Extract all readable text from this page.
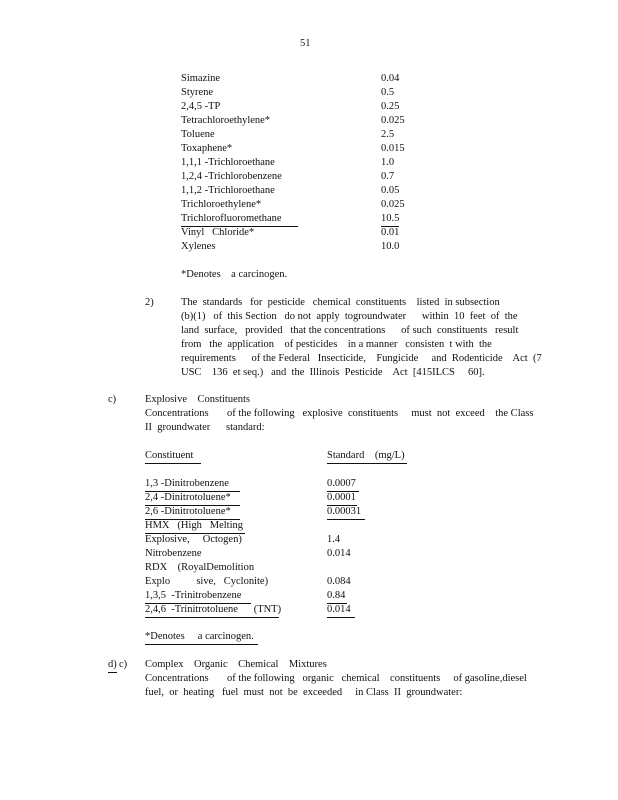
51
Simazine	0.04
Styrene	0.5
2,4,5 -TP	0.25
Tetrachloroethylene*	0.025
Toluene	2.5
Toxaphene*	0.015
1,1,1 -Trichloroethane	1.0
1,2,4 -Trichlorobenzene	0.7
1,1,2 -Trichloroethane	0.05
Trichloroethylene*	0.025
Trichlorofluoromethane	10.5
Vinyl   Chloride*	0.01
Xylenes	10.0
*Denotes    a carcinogen.
2)	The  standards   for  pesticide   chemical  constituents    listed  in subsection
(b)(1)   of  this Section   do not  apply  togroundwater      within  10  feet  of  the
land  surface,   provided   that the concentrations      of such  constituents   result
from   the  application    of pesticides    in a manner   consisten  t with  the
requirements      of the Federal   Insecticide,    Fungicide     and  Rodenticide    Act  (7
USC    136  et seq.)   and  the  Illinois  Pesticide    Act  [415ILCS     60].
c)	Explosive    Constituents
Concentrations       of the following   explosive  constituents     must  not  exceed    the Class
II  groundwater      standard:
Constituent	Standard    (mg/L)
1,3 -Dinitrobenzene	0.0007
2,4 -Dinitrotoluene*	0.0001
2,6 -Dinitrotoluene*	0.00031
HMX   (High   Melting
Explosive,     Octogen)	1.4
Nitrobenzene	0.014
RDX    (RoyalDemolition
Explo          sive,   Cyclonite)	0.084
1,3,5  -Trinitrobenzene	0.84
2,4,6  -Trinitrotoluene      (TNT)	0.014
*Denotes     a carcinogen.
d) c) Complex    Organic    Chemical    Mixtures
Concentrations       of the following   organic   chemical    constituents     of gasoline,diesel
fuel,  or  heating   fuel  must  not  be  exceeded     in Class  II  groundwater:
